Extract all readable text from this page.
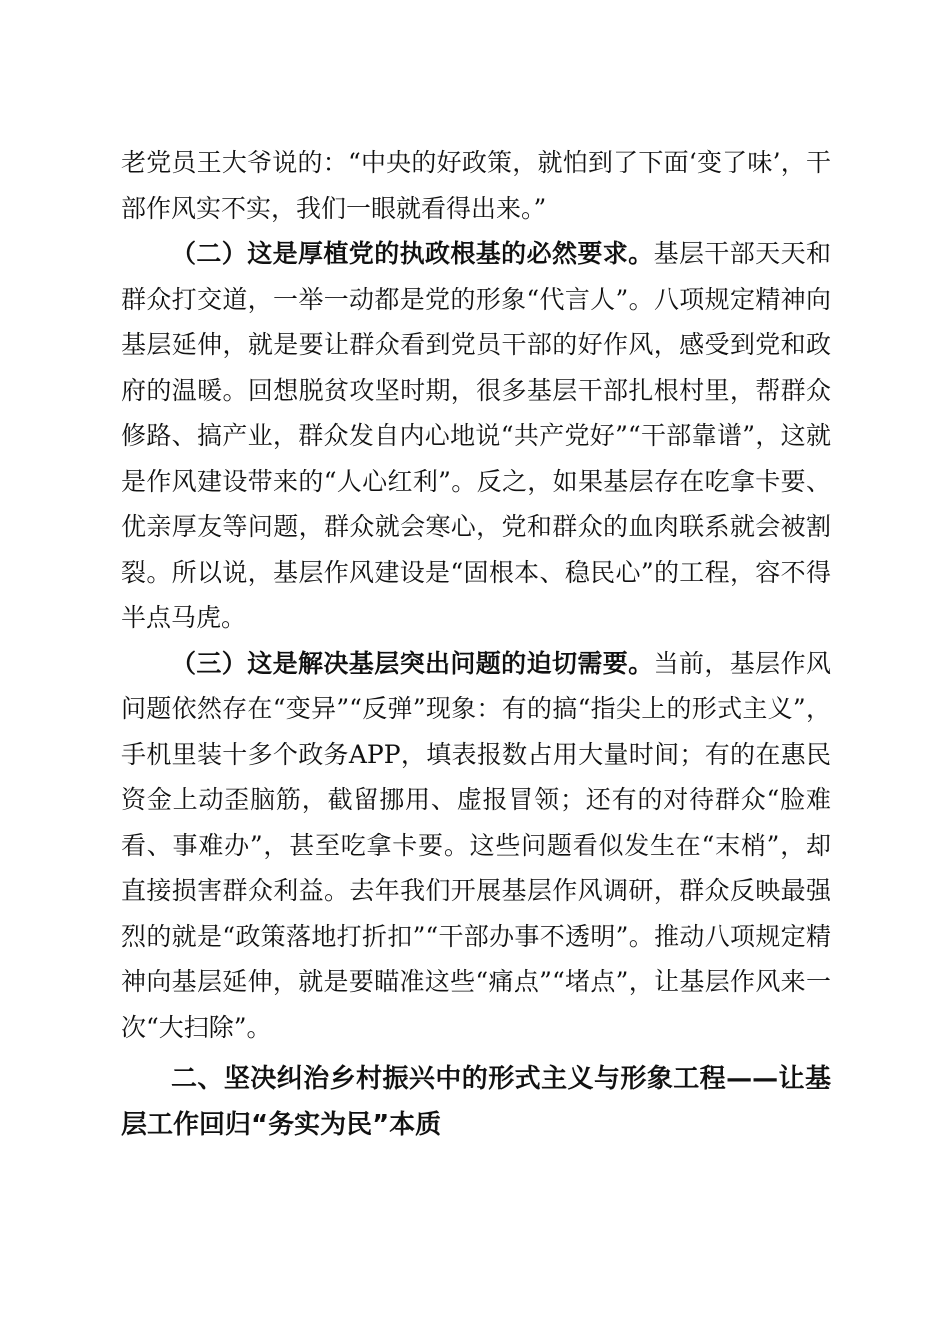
老党员王大爷说的：“中央的好政策，就怕到了下面‘变了味’，干部作风实不实，我们一眼就看得出来。”

（二）这是厚植党的执政根基的必然要求。基层干部天天和群众打交道，一举一动都是党的形象“代言人”。八项规定精神向基层延伸，就是要让群众看到党员干部的好作风，感受到党和政府的温暖。回想脱贫攻坚时期，很多基层干部扎根村里，帮群众修路、搞产业，群众发自内心地说“共产党好”“干部靠谱”，这就是作风建设带来的“人心红利”。反之，如果基层存在吃拿卡要、优亲厚友等问题，群众就会寒心，党和群众的血肉联系就会被割裂。所以说，基层作风建设是“固根本、稳民心”的工程，容不得半点马虎。

（三）这是解决基层突出问题的迫切需要。当前，基层作风问题依然存在“变异”“反弹”现象：有的搞“指尖上的形式主义”，手机里装十多个政务APP，填表报数占用大量时间；有的在惠民资金上动歪脑筋，截留挪用、虚报冒领；还有的对待群众“脸难看、事难办”，甚至吃拿卡要。这些问题看似发生在“末梢”，却直接损害群众利益。去年我们开展基层作风调研，群众反映最强烈的就是“政策落地打折扣”“干部办事不透明”。推动八项规定精神向基层延伸，就是要瞄准这些“痛点”“堵点”，让基层作风来一次“大扫除”。

二、坚决纠治乡村振兴中的形式主义与形象工程——让基层工作回归“务实为民”本质
